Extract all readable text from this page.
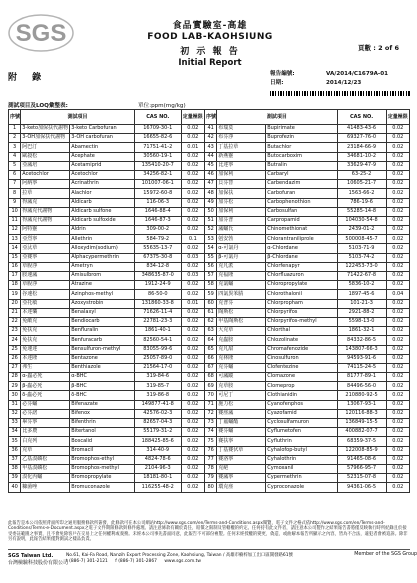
SGS	食品實驗室-高雄
FOOD LAB-KAOHSIUNG
初 示 報 告
Initial Report
頁數 : 2 of 6
附 錄	報告編號:	VA/2014/C1679A-01
日期:	2014/12/23
測試項目及LOQ彙整表:	單位:ppm(mg/kg)
序號	測試項目		CAS NO.	定量極限	序號	測試項目		CAS NO.	定量極限
1	3-keto加保扶代謝物	3-keto Carbofuran	16709-30-1	0.02	41	布瑞莫	Bupirimate	41483-43-6	0.02
2	3-OH加保扶代謝物	3-OH carbofuran	16655-82-6	0.02	42	布芬淨	Buprofezin	69327-76-0	0.02
3	阿巴汀	Abamectin	71751-41-2	0.01	43	丁基拉草	Butachlor	23184-66-9	0.02
4	歐殺松	Acephate	30560-19-1	0.02	44	新燕靈	Butocarboxim	34681-10-2	0.02
5	亞滅培	Acetamiprid	135410-20-7	0.02	45	比達寧	Butralin	33629-47-9	0.02
6	Acetochlor	Acetochlor	34256-82-1	0.02	46	加保利	Carbaryl	63-25-2	0.02
7	阿納寧	Acrinathrin	101007-06-1	0.02	47	貝芬替	Carbendazim	10605-21-7	0.02
8	拉草	Alachlor	15972-60-8	0.02	48	加保扶	Carbofuran	1563-66-2	0.02
9	得滅克	Aldicarb	116-06-3	0.02	49	加芬松	Carbophenothion	786-19-6	0.02
10	得滅克代謝物	Aldicarb sulfone	1646-88-4	0.02	50	加保利	Carbosulfan	55285-14-8	0.02
11	得滅克代謝物	Aldicarb sulfoxide	1646-87-3	0.02	51	加芬普	Carpropamid	104030-54-8	0.02
12	阿特靈	Aldrin	309-00-2	0.02	52	滅蟎氏	Chinomethionat	2439-01-2	0.02
13	亞烈寧	Allethrin	584-79-2	0.1	53	剋安勃	Chlorantraniliprole	500008-45-7	0.02
14	亞汰草	Alloxydim(sodium)	55635-13-7	0.02	54	α-可氯丹	α-Chlordane	5103-71-9	0.02
15	亞賽寧	Alphacypermethrin	67375-30-8	0.03	55	β-可氯丹	β-Chlordane	5103-74-2	0.02
16	草脫淨	Ametryn	834-12-8	0.02	56	克凡派	Chlorfenapyr	122453-73-0	0.02
17	胺速滅	Amisulbrom	348635-87-0	0.03	57	克福隆	Chlorfluazuron	71422-67-8	0.02
18	草脫淨	Atrazine	1912-24-9	0.02	58	克氯蟎	Chloropropylate	5836-10-2	0.02
19	谷速松	Azinphos-methyl	86-50-0	0.02	59	四氯異苯腈	Chlorothalonil	1897-45-6	0.04
20	亞托敏	Azoxystrobin	131860-33-8	0.01	60	克普芬	Chlorpropham	101-21-3	0.02
21	本達樂	Benalaxyl	71626-11-4	0.02	61	陶斯松	Chlorpyrifos	2921-88-2	0.02
22	免敵克	Bendiocarb	22781-23-3	0.02	62	甲基陶斯松	Chlorpyrifos-methyl	5598-13-0	0.02
23	免扶克	Benfluralin	1861-40-1	0.02	63	大克草	Chlorthal	1861-32-1	0.02
24	免扶克	Benfuracarb	82560-54-1	0.02	64	克蟲胺	Chlozolinate	84332-86-5	0.02
25	免速達	Bensulfuron-methyl	83055-99-6	0.02	65	克凡甜	Chromafenozide	143807-66-3	0.02
26	本達隆	Bentazone	25057-89-0	0.02	66	克林隆	Cinosulfuron	94593-91-6	0.02
27	弗生	Benthiazole	21564-17-0	0.02	67	克芬蟎	Clofentezine	74115-24-5	0.02
28	α-蟲必死	α-BHC	319-84-6	0.02	68	可滅蹤	Clomazone	81777-89-1	0.02
29	β-蟲必死	β-BHC	319-85-7	0.02	69	克草胺	Clomeprop	84496-56-0	0.02
30	δ-蟲必死	δ-BHC	319-86-8	0.02	70	可尼丁	Clothianidin	210880-92-5	0.02
31	必芬蟎	Bifenazate	149877-41-8	0.02	71	施力松	Cyanofenphos	13067-93-1	0.02
32	必芬諾	Bifenox	42576-02-3	0.02	72	賽座滅	Cyazofamid	120116-88-3	0.02
33	畢芬寧	Bifenthrin	82657-04-3	0.02	73	丁氟蟎酯	Cyclosulfamuron	136849-15-5	0.02
34	比多農	Bitertanol	55179-31-2	0.02	74	賽芬蟎	Cyflumetofen	400882-07-7	0.02
35	白克列	Boscalid	188425-85-6	0.02	75	賽扶寧	Cyfluthrin	68359-37-5	0.02
36	克草	Bromacil	314-40-9	0.02	76	丁基賽伏草	Cyhalofop-butyl	122008-85-9	0.02
37	乙基溴磷松	Bromophos-ethyl	4824-78-6	0.02	77	賽洛寧	Cyhalothrin	91465-08-6	0.02
38	甲基溴磷松	Bromophos-methyl	2104-96-3	0.02	78	克絕	Cymoxanil	57966-95-7	0.02
39	溴化丙蟎	Bromopropylate	18181-80-1	0.02	79	賽滅寧	Cypermethrin	52315-07-8	0.02
40	糠菌唑	Bromuconazole	116255-48-2	0.02	80	環克座	Cyproconazole	94361-06-5	0.02
此報告是本公司依照背面所印之通用服務條款所簽發，此條款可在本公司網站http://www.sgs.com/en/Terms-and-Conditions.aspx閱覽，電子文件之格式依http://www.sgs.com/en/Terms-and-Conditions/Terms-e-Document.aspx之電子文件期限條款與條件處理。請注意條款有關於責任、賠償之限制及管轄權的約定。任何持有此文件者，請注意本公司製作之結果報告書將僅反映執行時所紀錄且於接受委託範圍之事實，且不會免除客戶在交易上之任何權利或義務。未經本公司事先書面同意，此報告不可部份複製。任何未經授權的變更、偽造、或曲解本報告所顯示之內容，皆為不合法，違犯者會被追訴。除非另有說明，此報告結果僅對測試之樣品負責。
SGS Taiwan Ltd.
台灣檢驗科技股份有限公司
No.61, Kai-Fa Road, Nanzih Export Processing Zone, Kaohsiung, Taiwan / 高雄市楠梓加工出口區開發路61號
t (886-7) 301-2121 f (886-7) 301-2867 www.sgs.com.tw
Member of the SGS Group
